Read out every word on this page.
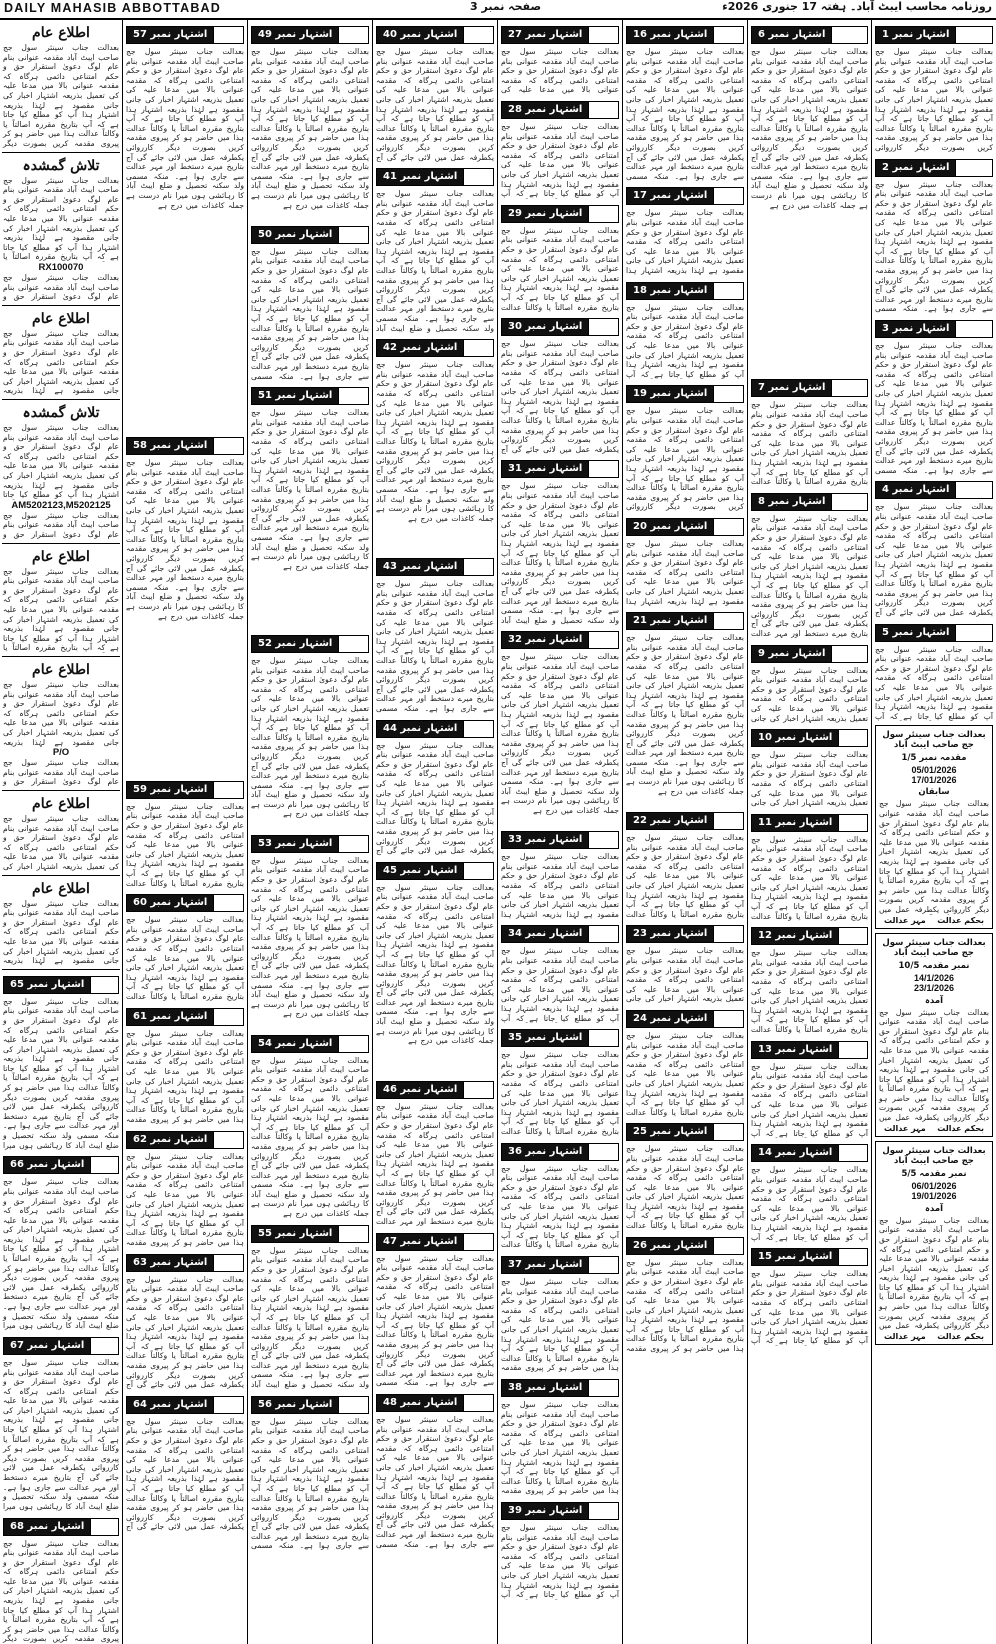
DAILY MAHASIB ABBOTTABAD	صفحہ نمبر 3	روزنامہ محاسب ایبٹ آباد۔ ہفتہ 17 جنوری 2026ء
اشتہار نمبر 1
بعدالت جناب سینئر سول جج صاحب ایبٹ آباد مقدمہ عنوانی بنام عام لوگ دعویٰ استقرار حق و حکم امتناعی دائمی ہرگاہ کہ مقدمہ عنوانی بالا میں مدعا علیہ کی تعمیل بذریعہ اشتہار اخبار کی جانی مقصود ہے لہٰذا بذریعہ اشتہار ہذا آپ کو مطلع کیا جاتا ہے کہ آپ بتاریخ مقررہ اصالتاً یا وکالتاً عدالت ہذا میں حاضر ہو کر پیروی مقدمہ کریں بصورت دیگر کارروائی
اشتہار نمبر 2
بعدالت جناب سینئر سول جج صاحب ایبٹ آباد مقدمہ عنوانی بنام عام لوگ دعویٰ استقرار حق و حکم امتناعی دائمی ہرگاہ کہ مقدمہ عنوانی بالا میں مدعا علیہ کی تعمیل بذریعہ اشتہار اخبار کی جانی مقصود ہے لہٰذا بذریعہ اشتہار ہذا آپ کو مطلع کیا جاتا ہے کہ آپ بتاریخ مقررہ اصالتاً یا وکالتاً عدالت ہذا میں حاضر ہو کر پیروی مقدمہ کریں بصورت دیگر کارروائی یکطرفہ عمل میں لائی جائے گی آج بتاریخ میرے دستخط اور مہر عدالت سے جاری ہوا ہے۔ منکہ مسمی
اشتہار نمبر 3
بعدالت جناب سینئر سول جج صاحب ایبٹ آباد مقدمہ عنوانی بنام عام لوگ دعویٰ استقرار حق و حکم امتناعی دائمی ہرگاہ کہ مقدمہ عنوانی بالا میں مدعا علیہ کی تعمیل بذریعہ اشتہار اخبار کی جانی مقصود ہے لہٰذا بذریعہ اشتہار ہذا آپ کو مطلع کیا جاتا ہے کہ آپ بتاریخ مقررہ اصالتاً یا وکالتاً عدالت ہذا میں حاضر ہو کر پیروی مقدمہ کریں بصورت دیگر کارروائی یکطرفہ عمل میں لائی جائے گی آج بتاریخ میرے دستخط اور مہر عدالت سے جاری ہوا ہے۔ منکہ مسمی
اشتہار نمبر 4
بعدالت جناب سینئر سول جج صاحب ایبٹ آباد مقدمہ عنوانی بنام عام لوگ دعویٰ استقرار حق و حکم امتناعی دائمی ہرگاہ کہ مقدمہ عنوانی بالا میں مدعا علیہ کی تعمیل بذریعہ اشتہار اخبار کی جانی مقصود ہے لہٰذا بذریعہ اشتہار ہذا آپ کو مطلع کیا جاتا ہے کہ آپ بتاریخ مقررہ اصالتاً یا وکالتاً عدالت ہذا میں حاضر ہو کر پیروی مقدمہ کریں بصورت دیگر کارروائی یکطرفہ عمل میں لائی جائے گی آج
اشتہار نمبر 5
بعدالت جناب سینئر سول جج صاحب ایبٹ آباد مقدمہ عنوانی بنام عام لوگ دعویٰ استقرار حق و حکم امتناعی دائمی ہرگاہ کہ مقدمہ عنوانی بالا میں مدعا علیہ کی تعمیل بذریعہ اشتہار اخبار کی جانی مقصود ہے لہٰذا بذریعہ اشتہار ہذا آپ کو مطلع کیا جاتا ہے کہ آپ
بعدالت جناب سینئر سول جج صاحب ایبٹ آباد
مقدمہ نمبر 1/5
05/01/2026
17/01/2026
سابقان
بعدالت جناب سینئر سول جج صاحب ایبٹ آباد مقدمہ عنوانی بنام عام لوگ دعویٰ استقرار حق و حکم امتناعی دائمی ہرگاہ کہ مقدمہ عنوانی بالا میں مدعا علیہ کی تعمیل بذریعہ اشتہار اخبار کی جانی مقصود ہے لہٰذا بذریعہ اشتہار ہذا آپ کو مطلع کیا جاتا ہے کہ آپ بتاریخ مقررہ اصالتاً یا وکالتاً عدالت ہذا میں حاضر ہو کر پیروی مقدمہ کریں بصورت دیگر کارروائی یکطرفہ عمل میں
بحکم عدالت
مہر عدالت
بعدالت جناب سینئر سول جج صاحب ایبٹ آباد
نمبر مقدمہ 10/5
14/1/2026
23/1/2026
آمدہ
بعدالت جناب سینئر سول جج صاحب ایبٹ آباد مقدمہ عنوانی بنام عام لوگ دعویٰ استقرار حق و حکم امتناعی دائمی ہرگاہ کہ مقدمہ عنوانی بالا میں مدعا علیہ کی تعمیل بذریعہ اشتہار اخبار کی جانی مقصود ہے لہٰذا بذریعہ اشتہار ہذا آپ کو مطلع کیا جاتا ہے کہ آپ بتاریخ مقررہ اصالتاً یا وکالتاً عدالت ہذا میں حاضر ہو کر پیروی مقدمہ کریں بصورت دیگر کارروائی یکطرفہ عمل میں
بحکم عدالت
مہر عدالت
بعدالت جناب سینئر سول جج صاحب ایبٹ آباد
نمبر مقدمہ 5/5
06/01/2026
19/01/2026
آمدہ
بعدالت جناب سینئر سول جج صاحب ایبٹ آباد مقدمہ عنوانی بنام عام لوگ دعویٰ استقرار حق و حکم امتناعی دائمی ہرگاہ کہ مقدمہ عنوانی بالا میں مدعا علیہ کی تعمیل بذریعہ اشتہار اخبار کی جانی مقصود ہے لہٰذا بذریعہ اشتہار ہذا آپ کو مطلع کیا جاتا ہے کہ آپ بتاریخ مقررہ اصالتاً یا وکالتاً عدالت ہذا میں حاضر ہو کر پیروی مقدمہ کریں بصورت دیگر کارروائی یکطرفہ عمل میں
بحکم عدالت
مہر عدالت
اشتہار نمبر 6
بعدالت جناب سینئر سول جج صاحب ایبٹ آباد مقدمہ عنوانی بنام عام لوگ دعویٰ استقرار حق و حکم امتناعی دائمی ہرگاہ کہ مقدمہ عنوانی بالا میں مدعا علیہ کی تعمیل بذریعہ اشتہار اخبار کی جانی مقصود ہے لہٰذا بذریعہ اشتہار ہذا آپ کو مطلع کیا جاتا ہے کہ آپ بتاریخ مقررہ اصالتاً یا وکالتاً عدالت ہذا میں حاضر ہو کر پیروی مقدمہ کریں بصورت دیگر کارروائی یکطرفہ عمل میں لائی جائے گی آج بتاریخ میرے دستخط اور مہر عدالت سے جاری ہوا ہے۔ منکہ مسمی ولد سکنہ تحصیل و ضلع ایبٹ آباد کا رہائشی ہوں میرا نام درست ہے جملہ کاغذات میں درج ہے
اشتہار نمبر 7
بعدالت جناب سینئر سول جج صاحب ایبٹ آباد مقدمہ عنوانی بنام عام لوگ دعویٰ استقرار حق و حکم امتناعی دائمی ہرگاہ کہ مقدمہ عنوانی بالا میں مدعا علیہ کی تعمیل بذریعہ اشتہار اخبار کی جانی مقصود ہے لہٰذا بذریعہ اشتہار ہذا آپ کو مطلع کیا جاتا ہے کہ آپ بتاریخ مقررہ اصالتاً یا وکالتاً عدالت
اشتہار نمبر 8
بعدالت جناب سینئر سول جج صاحب ایبٹ آباد مقدمہ عنوانی بنام عام لوگ دعویٰ استقرار حق و حکم امتناعی دائمی ہرگاہ کہ مقدمہ عنوانی بالا میں مدعا علیہ کی تعمیل بذریعہ اشتہار اخبار کی جانی مقصود ہے لہٰذا بذریعہ اشتہار ہذا آپ کو مطلع کیا جاتا ہے کہ آپ بتاریخ مقررہ اصالتاً یا وکالتاً عدالت ہذا میں حاضر ہو کر پیروی مقدمہ کریں بصورت دیگر کارروائی یکطرفہ عمل میں لائی جائے گی آج بتاریخ میرے دستخط اور مہر عدالت
اشتہار نمبر 9
بعدالت جناب سینئر سول جج صاحب ایبٹ آباد مقدمہ عنوانی بنام عام لوگ دعویٰ استقرار حق و حکم امتناعی دائمی ہرگاہ کہ مقدمہ عنوانی بالا میں مدعا علیہ کی تعمیل بذریعہ اشتہار اخبار کی جانی
اشتہار نمبر 10
بعدالت جناب سینئر سول جج صاحب ایبٹ آباد مقدمہ عنوانی بنام عام لوگ دعویٰ استقرار حق و حکم امتناعی دائمی ہرگاہ کہ مقدمہ عنوانی بالا میں مدعا علیہ کی تعمیل بذریعہ اشتہار اخبار کی جانی
اشتہار نمبر 11
بعدالت جناب سینئر سول جج صاحب ایبٹ آباد مقدمہ عنوانی بنام عام لوگ دعویٰ استقرار حق و حکم امتناعی دائمی ہرگاہ کہ مقدمہ عنوانی بالا میں مدعا علیہ کی تعمیل بذریعہ اشتہار اخبار کی جانی مقصود ہے لہٰذا بذریعہ اشتہار ہذا آپ کو مطلع کیا جاتا ہے کہ آپ بتاریخ مقررہ اصالتاً یا وکالتاً عدالت
اشتہار نمبر 12
بعدالت جناب سینئر سول جج صاحب ایبٹ آباد مقدمہ عنوانی بنام عام لوگ دعویٰ استقرار حق و حکم امتناعی دائمی ہرگاہ کہ مقدمہ عنوانی بالا میں مدعا علیہ کی تعمیل بذریعہ اشتہار اخبار کی جانی مقصود ہے لہٰذا بذریعہ اشتہار ہذا آپ کو مطلع کیا جاتا ہے کہ آپ بتاریخ مقررہ اصالتاً یا وکالتاً عدالت
اشتہار نمبر 13
بعدالت جناب سینئر سول جج صاحب ایبٹ آباد مقدمہ عنوانی بنام عام لوگ دعویٰ استقرار حق و حکم امتناعی دائمی ہرگاہ کہ مقدمہ عنوانی بالا میں مدعا علیہ کی تعمیل بذریعہ اشتہار اخبار کی جانی مقصود ہے لہٰذا بذریعہ اشتہار ہذا آپ کو مطلع کیا جاتا ہے کہ آپ
اشتہار نمبر 14
بعدالت جناب سینئر سول جج صاحب ایبٹ آباد مقدمہ عنوانی بنام عام لوگ دعویٰ استقرار حق و حکم امتناعی دائمی ہرگاہ کہ مقدمہ عنوانی بالا میں مدعا علیہ کی تعمیل بذریعہ اشتہار اخبار کی جانی مقصود ہے لہٰذا بذریعہ اشتہار ہذا آپ کو مطلع کیا جاتا ہے کہ آپ
اشتہار نمبر 15
بعدالت جناب سینئر سول جج صاحب ایبٹ آباد مقدمہ عنوانی بنام عام لوگ دعویٰ استقرار حق و حکم امتناعی دائمی ہرگاہ کہ مقدمہ عنوانی بالا میں مدعا علیہ کی تعمیل بذریعہ اشتہار اخبار کی جانی مقصود ہے لہٰذا بذریعہ اشتہار ہذا آپ کو مطلع کیا جاتا ہے کہ آپ
اشتہار نمبر 16
بعدالت جناب سینئر سول جج صاحب ایبٹ آباد مقدمہ عنوانی بنام عام لوگ دعویٰ استقرار حق و حکم امتناعی دائمی ہرگاہ کہ مقدمہ عنوانی بالا میں مدعا علیہ کی تعمیل بذریعہ اشتہار اخبار کی جانی مقصود ہے لہٰذا بذریعہ اشتہار ہذا آپ کو مطلع کیا جاتا ہے کہ آپ بتاریخ مقررہ اصالتاً یا وکالتاً عدالت ہذا میں حاضر ہو کر پیروی مقدمہ کریں بصورت دیگر کارروائی یکطرفہ عمل میں لائی جائے گی آج بتاریخ میرے دستخط اور مہر عدالت سے جاری ہوا ہے۔ منکہ مسمی
اشتہار نمبر 17
بعدالت جناب سینئر سول جج صاحب ایبٹ آباد مقدمہ عنوانی بنام عام لوگ دعویٰ استقرار حق و حکم امتناعی دائمی ہرگاہ کہ مقدمہ عنوانی بالا میں مدعا علیہ کی تعمیل بذریعہ اشتہار اخبار کی جانی مقصود ہے لہٰذا بذریعہ اشتہار ہذا
اشتہار نمبر 18
بعدالت جناب سینئر سول جج صاحب ایبٹ آباد مقدمہ عنوانی بنام عام لوگ دعویٰ استقرار حق و حکم امتناعی دائمی ہرگاہ کہ مقدمہ عنوانی بالا میں مدعا علیہ کی تعمیل بذریعہ اشتہار اخبار کی جانی مقصود ہے لہٰذا بذریعہ اشتہار ہذا آپ کو مطلع کیا جاتا ہے کہ آپ
اشتہار نمبر 19
بعدالت جناب سینئر سول جج صاحب ایبٹ آباد مقدمہ عنوانی بنام عام لوگ دعویٰ استقرار حق و حکم امتناعی دائمی ہرگاہ کہ مقدمہ عنوانی بالا میں مدعا علیہ کی تعمیل بذریعہ اشتہار اخبار کی جانی مقصود ہے لہٰذا بذریعہ اشتہار ہذا آپ کو مطلع کیا جاتا ہے کہ آپ بتاریخ مقررہ اصالتاً یا وکالتاً عدالت ہذا میں حاضر ہو کر پیروی مقدمہ کریں بصورت دیگر کارروائی
اشتہار نمبر 20
بعدالت جناب سینئر سول جج صاحب ایبٹ آباد مقدمہ عنوانی بنام عام لوگ دعویٰ استقرار حق و حکم امتناعی دائمی ہرگاہ کہ مقدمہ عنوانی بالا میں مدعا علیہ کی تعمیل بذریعہ اشتہار اخبار کی جانی مقصود ہے لہٰذا بذریعہ اشتہار ہذا
اشتہار نمبر 21
بعدالت جناب سینئر سول جج صاحب ایبٹ آباد مقدمہ عنوانی بنام عام لوگ دعویٰ استقرار حق و حکم امتناعی دائمی ہرگاہ کہ مقدمہ عنوانی بالا میں مدعا علیہ کی تعمیل بذریعہ اشتہار اخبار کی جانی مقصود ہے لہٰذا بذریعہ اشتہار ہذا آپ کو مطلع کیا جاتا ہے کہ آپ بتاریخ مقررہ اصالتاً یا وکالتاً عدالت ہذا میں حاضر ہو کر پیروی مقدمہ کریں بصورت دیگر کارروائی یکطرفہ عمل میں لائی جائے گی آج بتاریخ میرے دستخط اور مہر عدالت سے جاری ہوا ہے۔ منکہ مسمی ولد سکنہ تحصیل و ضلع ایبٹ آباد کا رہائشی ہوں میرا نام درست ہے جملہ کاغذات میں درج ہے
اشتہار نمبر 22
بعدالت جناب سینئر سول جج صاحب ایبٹ آباد مقدمہ عنوانی بنام عام لوگ دعویٰ استقرار حق و حکم امتناعی دائمی ہرگاہ کہ مقدمہ عنوانی بالا میں مدعا علیہ کی تعمیل بذریعہ اشتہار اخبار کی جانی مقصود ہے لہٰذا بذریعہ اشتہار ہذا آپ کو مطلع کیا جاتا ہے کہ آپ بتاریخ مقررہ اصالتاً یا وکالتاً عدالت
اشتہار نمبر 23
بعدالت جناب سینئر سول جج صاحب ایبٹ آباد مقدمہ عنوانی بنام عام لوگ دعویٰ استقرار حق و حکم امتناعی دائمی ہرگاہ کہ مقدمہ عنوانی بالا میں مدعا علیہ کی تعمیل بذریعہ اشتہار اخبار کی جانی
اشتہار نمبر 24
بعدالت جناب سینئر سول جج صاحب ایبٹ آباد مقدمہ عنوانی بنام عام لوگ دعویٰ استقرار حق و حکم امتناعی دائمی ہرگاہ کہ مقدمہ عنوانی بالا میں مدعا علیہ کی تعمیل بذریعہ اشتہار اخبار کی جانی مقصود ہے لہٰذا بذریعہ اشتہار ہذا آپ کو مطلع کیا جاتا ہے کہ آپ بتاریخ مقررہ اصالتاً یا وکالتاً عدالت
اشتہار نمبر 25
بعدالت جناب سینئر سول جج صاحب ایبٹ آباد مقدمہ عنوانی بنام عام لوگ دعویٰ استقرار حق و حکم امتناعی دائمی ہرگاہ کہ مقدمہ عنوانی بالا میں مدعا علیہ کی تعمیل بذریعہ اشتہار اخبار کی جانی مقصود ہے لہٰذا بذریعہ اشتہار ہذا آپ کو مطلع کیا جاتا ہے کہ آپ بتاریخ مقررہ اصالتاً یا وکالتاً عدالت
اشتہار نمبر 26
بعدالت جناب سینئر سول جج صاحب ایبٹ آباد مقدمہ عنوانی بنام عام لوگ دعویٰ استقرار حق و حکم امتناعی دائمی ہرگاہ کہ مقدمہ عنوانی بالا میں مدعا علیہ کی تعمیل بذریعہ اشتہار اخبار کی جانی مقصود ہے لہٰذا بذریعہ اشتہار ہذا آپ کو مطلع کیا جاتا ہے کہ آپ بتاریخ مقررہ اصالتاً یا وکالتاً عدالت ہذا میں حاضر ہو کر پیروی مقدمہ
اشتہار نمبر 27
بعدالت جناب سینئر سول جج صاحب ایبٹ آباد مقدمہ عنوانی بنام عام لوگ دعویٰ استقرار حق و حکم امتناعی دائمی ہرگاہ کہ مقدمہ عنوانی بالا میں مدعا علیہ کی
اشتہار نمبر 28
بعدالت جناب سینئر سول جج صاحب ایبٹ آباد مقدمہ عنوانی بنام عام لوگ دعویٰ استقرار حق و حکم امتناعی دائمی ہرگاہ کہ مقدمہ عنوانی بالا میں مدعا علیہ کی تعمیل بذریعہ اشتہار اخبار کی جانی مقصود ہے لہٰذا بذریعہ اشتہار ہذا آپ کو مطلع کیا جاتا ہے کہ آپ
اشتہار نمبر 29
بعدالت جناب سینئر سول جج صاحب ایبٹ آباد مقدمہ عنوانی بنام عام لوگ دعویٰ استقرار حق و حکم امتناعی دائمی ہرگاہ کہ مقدمہ عنوانی بالا میں مدعا علیہ کی تعمیل بذریعہ اشتہار اخبار کی جانی مقصود ہے لہٰذا بذریعہ اشتہار ہذا آپ کو مطلع کیا جاتا ہے کہ آپ بتاریخ مقررہ اصالتاً یا وکالتاً عدالت
اشتہار نمبر 30
بعدالت جناب سینئر سول جج صاحب ایبٹ آباد مقدمہ عنوانی بنام عام لوگ دعویٰ استقرار حق و حکم امتناعی دائمی ہرگاہ کہ مقدمہ عنوانی بالا میں مدعا علیہ کی تعمیل بذریعہ اشتہار اخبار کی جانی مقصود ہے لہٰذا بذریعہ اشتہار ہذا آپ کو مطلع کیا جاتا ہے کہ آپ بتاریخ مقررہ اصالتاً یا وکالتاً عدالت ہذا میں حاضر ہو کر پیروی مقدمہ کریں بصورت دیگر کارروائی یکطرفہ عمل میں لائی جائے گی آج
اشتہار نمبر 31
بعدالت جناب سینئر سول جج صاحب ایبٹ آباد مقدمہ عنوانی بنام عام لوگ دعویٰ استقرار حق و حکم امتناعی دائمی ہرگاہ کہ مقدمہ عنوانی بالا میں مدعا علیہ کی تعمیل بذریعہ اشتہار اخبار کی جانی مقصود ہے لہٰذا بذریعہ اشتہار ہذا آپ کو مطلع کیا جاتا ہے کہ آپ بتاریخ مقررہ اصالتاً یا وکالتاً عدالت ہذا میں حاضر ہو کر پیروی مقدمہ کریں بصورت دیگر کارروائی یکطرفہ عمل میں لائی جائے گی آج بتاریخ میرے دستخط اور مہر عدالت سے جاری ہوا ہے۔ منکہ مسمی ولد سکنہ تحصیل و ضلع ایبٹ آباد
اشتہار نمبر 32
بعدالت جناب سینئر سول جج صاحب ایبٹ آباد مقدمہ عنوانی بنام عام لوگ دعویٰ استقرار حق و حکم امتناعی دائمی ہرگاہ کہ مقدمہ عنوانی بالا میں مدعا علیہ کی تعمیل بذریعہ اشتہار اخبار کی جانی مقصود ہے لہٰذا بذریعہ اشتہار ہذا آپ کو مطلع کیا جاتا ہے کہ آپ بتاریخ مقررہ اصالتاً یا وکالتاً عدالت ہذا میں حاضر ہو کر پیروی مقدمہ کریں بصورت دیگر کارروائی یکطرفہ عمل میں لائی جائے گی آج بتاریخ میرے دستخط اور مہر عدالت سے جاری ہوا ہے۔ منکہ مسمی ولد سکنہ تحصیل و ضلع ایبٹ آباد کا رہائشی ہوں میرا نام درست ہے جملہ کاغذات میں درج ہے
اشتہار نمبر 33
بعدالت جناب سینئر سول جج صاحب ایبٹ آباد مقدمہ عنوانی بنام عام لوگ دعویٰ استقرار حق و حکم امتناعی دائمی ہرگاہ کہ مقدمہ عنوانی بالا میں مدعا علیہ کی تعمیل بذریعہ اشتہار اخبار کی جانی مقصود ہے لہٰذا بذریعہ اشتہار ہذا
اشتہار نمبر 34
بعدالت جناب سینئر سول جج صاحب ایبٹ آباد مقدمہ عنوانی بنام عام لوگ دعویٰ استقرار حق و حکم امتناعی دائمی ہرگاہ کہ مقدمہ عنوانی بالا میں مدعا علیہ کی تعمیل بذریعہ اشتہار اخبار کی جانی مقصود ہے لہٰذا بذریعہ اشتہار ہذا آپ کو مطلع کیا جاتا ہے کہ آپ
اشتہار نمبر 35
بعدالت جناب سینئر سول جج صاحب ایبٹ آباد مقدمہ عنوانی بنام عام لوگ دعویٰ استقرار حق و حکم امتناعی دائمی ہرگاہ کہ مقدمہ عنوانی بالا میں مدعا علیہ کی تعمیل بذریعہ اشتہار اخبار کی جانی مقصود ہے لہٰذا بذریعہ اشتہار ہذا آپ کو مطلع کیا جاتا ہے کہ آپ بتاریخ مقررہ اصالتاً یا وکالتاً عدالت
اشتہار نمبر 36
بعدالت جناب سینئر سول جج صاحب ایبٹ آباد مقدمہ عنوانی بنام عام لوگ دعویٰ استقرار حق و حکم امتناعی دائمی ہرگاہ کہ مقدمہ عنوانی بالا میں مدعا علیہ کی تعمیل بذریعہ اشتہار اخبار کی جانی مقصود ہے لہٰذا بذریعہ اشتہار ہذا آپ کو مطلع کیا جاتا ہے کہ آپ بتاریخ مقررہ اصالتاً یا وکالتاً عدالت
اشتہار نمبر 37
بعدالت جناب سینئر سول جج صاحب ایبٹ آباد مقدمہ عنوانی بنام عام لوگ دعویٰ استقرار حق و حکم امتناعی دائمی ہرگاہ کہ مقدمہ عنوانی بالا میں مدعا علیہ کی تعمیل بذریعہ اشتہار اخبار کی جانی مقصود ہے لہٰذا بذریعہ اشتہار ہذا آپ کو مطلع کیا جاتا ہے کہ آپ بتاریخ مقررہ اصالتاً یا وکالتاً عدالت ہذا میں حاضر ہو کر پیروی مقدمہ
اشتہار نمبر 38
بعدالت جناب سینئر سول جج صاحب ایبٹ آباد مقدمہ عنوانی بنام عام لوگ دعویٰ استقرار حق و حکم امتناعی دائمی ہرگاہ کہ مقدمہ عنوانی بالا میں مدعا علیہ کی تعمیل بذریعہ اشتہار اخبار کی جانی مقصود ہے لہٰذا بذریعہ اشتہار ہذا آپ کو مطلع کیا جاتا ہے کہ آپ بتاریخ مقررہ اصالتاً یا وکالتاً عدالت ہذا میں حاضر ہو کر پیروی مقدمہ
اشتہار نمبر 39
بعدالت جناب سینئر سول جج صاحب ایبٹ آباد مقدمہ عنوانی بنام عام لوگ دعویٰ استقرار حق و حکم امتناعی دائمی ہرگاہ کہ مقدمہ عنوانی بالا میں مدعا علیہ کی تعمیل بذریعہ اشتہار اخبار کی جانی مقصود ہے لہٰذا بذریعہ اشتہار ہذا آپ کو مطلع کیا جاتا ہے کہ آپ
اشتہار نمبر 40
بعدالت جناب سینئر سول جج صاحب ایبٹ آباد مقدمہ عنوانی بنام عام لوگ دعویٰ استقرار حق و حکم امتناعی دائمی ہرگاہ کہ مقدمہ عنوانی بالا میں مدعا علیہ کی تعمیل بذریعہ اشتہار اخبار کی جانی مقصود ہے لہٰذا بذریعہ اشتہار ہذا آپ کو مطلع کیا جاتا ہے کہ آپ بتاریخ مقررہ اصالتاً یا وکالتاً عدالت ہذا میں حاضر ہو کر پیروی مقدمہ کریں بصورت دیگر کارروائی یکطرفہ عمل میں لائی جائے گی آج
اشتہار نمبر 41
بعدالت جناب سینئر سول جج صاحب ایبٹ آباد مقدمہ عنوانی بنام عام لوگ دعویٰ استقرار حق و حکم امتناعی دائمی ہرگاہ کہ مقدمہ عنوانی بالا میں مدعا علیہ کی تعمیل بذریعہ اشتہار اخبار کی جانی مقصود ہے لہٰذا بذریعہ اشتہار ہذا آپ کو مطلع کیا جاتا ہے کہ آپ بتاریخ مقررہ اصالتاً یا وکالتاً عدالت ہذا میں حاضر ہو کر پیروی مقدمہ کریں بصورت دیگر کارروائی یکطرفہ عمل میں لائی جائے گی آج بتاریخ میرے دستخط اور مہر عدالت سے جاری ہوا ہے۔ منکہ مسمی ولد سکنہ تحصیل و ضلع ایبٹ آباد
اشتہار نمبر 42
بعدالت جناب سینئر سول جج صاحب ایبٹ آباد مقدمہ عنوانی بنام عام لوگ دعویٰ استقرار حق و حکم امتناعی دائمی ہرگاہ کہ مقدمہ عنوانی بالا میں مدعا علیہ کی تعمیل بذریعہ اشتہار اخبار کی جانی مقصود ہے لہٰذا بذریعہ اشتہار ہذا آپ کو مطلع کیا جاتا ہے کہ آپ بتاریخ مقررہ اصالتاً یا وکالتاً عدالت ہذا میں حاضر ہو کر پیروی مقدمہ کریں بصورت دیگر کارروائی یکطرفہ عمل میں لائی جائے گی آج بتاریخ میرے دستخط اور مہر عدالت سے جاری ہوا ہے۔ منکہ مسمی ولد سکنہ تحصیل و ضلع ایبٹ آباد کا رہائشی ہوں میرا نام درست ہے جملہ کاغذات میں درج ہے
اشتہار نمبر 43
بعدالت جناب سینئر سول جج صاحب ایبٹ آباد مقدمہ عنوانی بنام عام لوگ دعویٰ استقرار حق و حکم امتناعی دائمی ہرگاہ کہ مقدمہ عنوانی بالا میں مدعا علیہ کی تعمیل بذریعہ اشتہار اخبار کی جانی مقصود ہے لہٰذا بذریعہ اشتہار ہذا آپ کو مطلع کیا جاتا ہے کہ آپ بتاریخ مقررہ اصالتاً یا وکالتاً عدالت ہذا میں حاضر ہو کر پیروی مقدمہ کریں بصورت دیگر کارروائی یکطرفہ عمل میں لائی جائے گی آج بتاریخ میرے دستخط اور مہر عدالت سے جاری ہوا ہے۔ منکہ مسمی
اشتہار نمبر 44
بعدالت جناب سینئر سول جج صاحب ایبٹ آباد مقدمہ عنوانی بنام عام لوگ دعویٰ استقرار حق و حکم امتناعی دائمی ہرگاہ کہ مقدمہ عنوانی بالا میں مدعا علیہ کی تعمیل بذریعہ اشتہار اخبار کی جانی مقصود ہے لہٰذا بذریعہ اشتہار ہذا آپ کو مطلع کیا جاتا ہے کہ آپ بتاریخ مقررہ اصالتاً یا وکالتاً عدالت ہذا میں حاضر ہو کر پیروی مقدمہ کریں بصورت دیگر کارروائی یکطرفہ عمل میں لائی جائے گی آج
اشتہار نمبر 45
بعدالت جناب سینئر سول جج صاحب ایبٹ آباد مقدمہ عنوانی بنام عام لوگ دعویٰ استقرار حق و حکم امتناعی دائمی ہرگاہ کہ مقدمہ عنوانی بالا میں مدعا علیہ کی تعمیل بذریعہ اشتہار اخبار کی جانی مقصود ہے لہٰذا بذریعہ اشتہار ہذا آپ کو مطلع کیا جاتا ہے کہ آپ بتاریخ مقررہ اصالتاً یا وکالتاً عدالت ہذا میں حاضر ہو کر پیروی مقدمہ کریں بصورت دیگر کارروائی یکطرفہ عمل میں لائی جائے گی آج بتاریخ میرے دستخط اور مہر عدالت سے جاری ہوا ہے۔ منکہ مسمی ولد سکنہ تحصیل و ضلع ایبٹ آباد کا رہائشی ہوں میرا نام درست ہے جملہ کاغذات میں درج ہے
اشتہار نمبر 46
بعدالت جناب سینئر سول جج صاحب ایبٹ آباد مقدمہ عنوانی بنام عام لوگ دعویٰ استقرار حق و حکم امتناعی دائمی ہرگاہ کہ مقدمہ عنوانی بالا میں مدعا علیہ کی تعمیل بذریعہ اشتہار اخبار کی جانی مقصود ہے لہٰذا بذریعہ اشتہار ہذا آپ کو مطلع کیا جاتا ہے کہ آپ بتاریخ مقررہ اصالتاً یا وکالتاً عدالت ہذا میں حاضر ہو کر پیروی مقدمہ کریں بصورت دیگر کارروائی یکطرفہ عمل میں لائی جائے گی آج بتاریخ میرے دستخط اور مہر عدالت
اشتہار نمبر 47
بعدالت جناب سینئر سول جج صاحب ایبٹ آباد مقدمہ عنوانی بنام عام لوگ دعویٰ استقرار حق و حکم امتناعی دائمی ہرگاہ کہ مقدمہ عنوانی بالا میں مدعا علیہ کی تعمیل بذریعہ اشتہار اخبار کی جانی مقصود ہے لہٰذا بذریعہ اشتہار ہذا آپ کو مطلع کیا جاتا ہے کہ آپ بتاریخ مقررہ اصالتاً یا وکالتاً عدالت ہذا میں حاضر ہو کر پیروی مقدمہ کریں بصورت دیگر کارروائی یکطرفہ عمل میں لائی جائے گی آج بتاریخ میرے دستخط اور مہر عدالت سے جاری ہوا ہے۔ منکہ مسمی
اشتہار نمبر 48
بعدالت جناب سینئر سول جج صاحب ایبٹ آباد مقدمہ عنوانی بنام عام لوگ دعویٰ استقرار حق و حکم امتناعی دائمی ہرگاہ کہ مقدمہ عنوانی بالا میں مدعا علیہ کی تعمیل بذریعہ اشتہار اخبار کی جانی مقصود ہے لہٰذا بذریعہ اشتہار ہذا آپ کو مطلع کیا جاتا ہے کہ آپ بتاریخ مقررہ اصالتاً یا وکالتاً عدالت ہذا میں حاضر ہو کر پیروی مقدمہ کریں بصورت دیگر کارروائی یکطرفہ عمل میں لائی جائے گی آج بتاریخ میرے دستخط اور مہر عدالت سے جاری ہوا ہے۔ منکہ مسمی
اشتہار نمبر 49
بعدالت جناب سینئر سول جج صاحب ایبٹ آباد مقدمہ عنوانی بنام عام لوگ دعویٰ استقرار حق و حکم امتناعی دائمی ہرگاہ کہ مقدمہ عنوانی بالا میں مدعا علیہ کی تعمیل بذریعہ اشتہار اخبار کی جانی مقصود ہے لہٰذا بذریعہ اشتہار ہذا آپ کو مطلع کیا جاتا ہے کہ آپ بتاریخ مقررہ اصالتاً یا وکالتاً عدالت ہذا میں حاضر ہو کر پیروی مقدمہ کریں بصورت دیگر کارروائی یکطرفہ عمل میں لائی جائے گی آج بتاریخ میرے دستخط اور مہر عدالت سے جاری ہوا ہے۔ منکہ مسمی ولد سکنہ تحصیل و ضلع ایبٹ آباد کا رہائشی ہوں میرا نام درست ہے جملہ کاغذات میں درج ہے
اشتہار نمبر 50
بعدالت جناب سینئر سول جج صاحب ایبٹ آباد مقدمہ عنوانی بنام عام لوگ دعویٰ استقرار حق و حکم امتناعی دائمی ہرگاہ کہ مقدمہ عنوانی بالا میں مدعا علیہ کی تعمیل بذریعہ اشتہار اخبار کی جانی مقصود ہے لہٰذا بذریعہ اشتہار ہذا آپ کو مطلع کیا جاتا ہے کہ آپ بتاریخ مقررہ اصالتاً یا وکالتاً عدالت ہذا میں حاضر ہو کر پیروی مقدمہ کریں بصورت دیگر کارروائی یکطرفہ عمل میں لائی جائے گی آج بتاریخ میرے دستخط اور مہر عدالت سے جاری ہوا ہے۔ منکہ مسمی
اشتہار نمبر 51
بعدالت جناب سینئر سول جج صاحب ایبٹ آباد مقدمہ عنوانی بنام عام لوگ دعویٰ استقرار حق و حکم امتناعی دائمی ہرگاہ کہ مقدمہ عنوانی بالا میں مدعا علیہ کی تعمیل بذریعہ اشتہار اخبار کی جانی مقصود ہے لہٰذا بذریعہ اشتہار ہذا آپ کو مطلع کیا جاتا ہے کہ آپ بتاریخ مقررہ اصالتاً یا وکالتاً عدالت ہذا میں حاضر ہو کر پیروی مقدمہ کریں بصورت دیگر کارروائی یکطرفہ عمل میں لائی جائے گی آج بتاریخ میرے دستخط اور مہر عدالت سے جاری ہوا ہے۔ منکہ مسمی ولد سکنہ تحصیل و ضلع ایبٹ آباد کا رہائشی ہوں میرا نام درست ہے جملہ کاغذات میں درج ہے
اشتہار نمبر 52
بعدالت جناب سینئر سول جج صاحب ایبٹ آباد مقدمہ عنوانی بنام عام لوگ دعویٰ استقرار حق و حکم امتناعی دائمی ہرگاہ کہ مقدمہ عنوانی بالا میں مدعا علیہ کی تعمیل بذریعہ اشتہار اخبار کی جانی مقصود ہے لہٰذا بذریعہ اشتہار ہذا آپ کو مطلع کیا جاتا ہے کہ آپ بتاریخ مقررہ اصالتاً یا وکالتاً عدالت ہذا میں حاضر ہو کر پیروی مقدمہ کریں بصورت دیگر کارروائی یکطرفہ عمل میں لائی جائے گی آج بتاریخ میرے دستخط اور مہر عدالت سے جاری ہوا ہے۔ منکہ مسمی ولد سکنہ تحصیل و ضلع ایبٹ آباد کا رہائشی ہوں میرا نام درست ہے جملہ کاغذات میں درج ہے
اشتہار نمبر 53
بعدالت جناب سینئر سول جج صاحب ایبٹ آباد مقدمہ عنوانی بنام عام لوگ دعویٰ استقرار حق و حکم امتناعی دائمی ہرگاہ کہ مقدمہ عنوانی بالا میں مدعا علیہ کی تعمیل بذریعہ اشتہار اخبار کی جانی مقصود ہے لہٰذا بذریعہ اشتہار ہذا آپ کو مطلع کیا جاتا ہے کہ آپ بتاریخ مقررہ اصالتاً یا وکالتاً عدالت ہذا میں حاضر ہو کر پیروی مقدمہ کریں بصورت دیگر کارروائی یکطرفہ عمل میں لائی جائے گی آج بتاریخ میرے دستخط اور مہر عدالت سے جاری ہوا ہے۔ منکہ مسمی ولد سکنہ تحصیل و ضلع ایبٹ آباد کا رہائشی ہوں میرا نام درست ہے جملہ کاغذات میں درج ہے
اشتہار نمبر 54
بعدالت جناب سینئر سول جج صاحب ایبٹ آباد مقدمہ عنوانی بنام عام لوگ دعویٰ استقرار حق و حکم امتناعی دائمی ہرگاہ کہ مقدمہ عنوانی بالا میں مدعا علیہ کی تعمیل بذریعہ اشتہار اخبار کی جانی مقصود ہے لہٰذا بذریعہ اشتہار ہذا آپ کو مطلع کیا جاتا ہے کہ آپ بتاریخ مقررہ اصالتاً یا وکالتاً عدالت ہذا میں حاضر ہو کر پیروی مقدمہ کریں بصورت دیگر کارروائی یکطرفہ عمل میں لائی جائے گی آج بتاریخ میرے دستخط اور مہر عدالت سے جاری ہوا ہے۔ منکہ مسمی ولد سکنہ تحصیل و ضلع ایبٹ آباد کا رہائشی ہوں میرا نام درست ہے جملہ کاغذات میں درج ہے
اشتہار نمبر 55
بعدالت جناب سینئر سول جج صاحب ایبٹ آباد مقدمہ عنوانی بنام عام لوگ دعویٰ استقرار حق و حکم امتناعی دائمی ہرگاہ کہ مقدمہ عنوانی بالا میں مدعا علیہ کی تعمیل بذریعہ اشتہار اخبار کی جانی مقصود ہے لہٰذا بذریعہ اشتہار ہذا آپ کو مطلع کیا جاتا ہے کہ آپ بتاریخ مقررہ اصالتاً یا وکالتاً عدالت ہذا میں حاضر ہو کر پیروی مقدمہ کریں بصورت دیگر کارروائی یکطرفہ عمل میں لائی جائے گی آج بتاریخ میرے دستخط اور مہر عدالت سے جاری ہوا ہے۔ منکہ مسمی ولد سکنہ تحصیل و ضلع ایبٹ آباد
اشتہار نمبر 56
بعدالت جناب سینئر سول جج صاحب ایبٹ آباد مقدمہ عنوانی بنام عام لوگ دعویٰ استقرار حق و حکم امتناعی دائمی ہرگاہ کہ مقدمہ عنوانی بالا میں مدعا علیہ کی تعمیل بذریعہ اشتہار اخبار کی جانی مقصود ہے لہٰذا بذریعہ اشتہار ہذا آپ کو مطلع کیا جاتا ہے کہ آپ بتاریخ مقررہ اصالتاً یا وکالتاً عدالت ہذا میں حاضر ہو کر پیروی مقدمہ کریں بصورت دیگر کارروائی یکطرفہ عمل میں لائی جائے گی آج بتاریخ میرے دستخط اور مہر عدالت سے جاری ہوا ہے۔ منکہ مسمی
اشتہار نمبر 57
بعدالت جناب سینئر سول جج صاحب ایبٹ آباد مقدمہ عنوانی بنام عام لوگ دعویٰ استقرار حق و حکم امتناعی دائمی ہرگاہ کہ مقدمہ عنوانی بالا میں مدعا علیہ کی تعمیل بذریعہ اشتہار اخبار کی جانی مقصود ہے لہٰذا بذریعہ اشتہار ہذا آپ کو مطلع کیا جاتا ہے کہ آپ بتاریخ مقررہ اصالتاً یا وکالتاً عدالت ہذا میں حاضر ہو کر پیروی مقدمہ کریں بصورت دیگر کارروائی یکطرفہ عمل میں لائی جائے گی آج بتاریخ میرے دستخط اور مہر عدالت سے جاری ہوا ہے۔ منکہ مسمی ولد سکنہ تحصیل و ضلع ایبٹ آباد کا رہائشی ہوں میرا نام درست ہے جملہ کاغذات میں درج ہے
اشتہار نمبر 58
بعدالت جناب سینئر سول جج صاحب ایبٹ آباد مقدمہ عنوانی بنام عام لوگ دعویٰ استقرار حق و حکم امتناعی دائمی ہرگاہ کہ مقدمہ عنوانی بالا میں مدعا علیہ کی تعمیل بذریعہ اشتہار اخبار کی جانی مقصود ہے لہٰذا بذریعہ اشتہار ہذا آپ کو مطلع کیا جاتا ہے کہ آپ بتاریخ مقررہ اصالتاً یا وکالتاً عدالت ہذا میں حاضر ہو کر پیروی مقدمہ کریں بصورت دیگر کارروائی یکطرفہ عمل میں لائی جائے گی آج بتاریخ میرے دستخط اور مہر عدالت سے جاری ہوا ہے۔ منکہ مسمی ولد سکنہ تحصیل و ضلع ایبٹ آباد کا رہائشی ہوں میرا نام درست ہے جملہ کاغذات میں درج ہے
اشتہار نمبر 59
بعدالت جناب سینئر سول جج صاحب ایبٹ آباد مقدمہ عنوانی بنام عام لوگ دعویٰ استقرار حق و حکم امتناعی دائمی ہرگاہ کہ مقدمہ عنوانی بالا میں مدعا علیہ کی تعمیل بذریعہ اشتہار اخبار کی جانی مقصود ہے لہٰذا بذریعہ اشتہار ہذا آپ کو مطلع کیا جاتا ہے کہ آپ بتاریخ مقررہ اصالتاً یا وکالتاً عدالت
اشتہار نمبر 60
بعدالت جناب سینئر سول جج صاحب ایبٹ آباد مقدمہ عنوانی بنام عام لوگ دعویٰ استقرار حق و حکم امتناعی دائمی ہرگاہ کہ مقدمہ عنوانی بالا میں مدعا علیہ کی تعمیل بذریعہ اشتہار اخبار کی جانی مقصود ہے لہٰذا بذریعہ اشتہار ہذا آپ کو مطلع کیا جاتا ہے کہ آپ بتاریخ مقررہ اصالتاً یا وکالتاً عدالت
اشتہار نمبر 61
بعدالت جناب سینئر سول جج صاحب ایبٹ آباد مقدمہ عنوانی بنام عام لوگ دعویٰ استقرار حق و حکم امتناعی دائمی ہرگاہ کہ مقدمہ عنوانی بالا میں مدعا علیہ کی تعمیل بذریعہ اشتہار اخبار کی جانی مقصود ہے لہٰذا بذریعہ اشتہار ہذا آپ کو مطلع کیا جاتا ہے کہ آپ بتاریخ مقررہ اصالتاً یا وکالتاً عدالت ہذا میں حاضر ہو کر پیروی مقدمہ
اشتہار نمبر 62
بعدالت جناب سینئر سول جج صاحب ایبٹ آباد مقدمہ عنوانی بنام عام لوگ دعویٰ استقرار حق و حکم امتناعی دائمی ہرگاہ کہ مقدمہ عنوانی بالا میں مدعا علیہ کی تعمیل بذریعہ اشتہار اخبار کی جانی مقصود ہے لہٰذا بذریعہ اشتہار ہذا آپ کو مطلع کیا جاتا ہے کہ آپ بتاریخ مقررہ اصالتاً یا وکالتاً عدالت ہذا میں حاضر ہو کر پیروی مقدمہ
اشتہار نمبر 63
بعدالت جناب سینئر سول جج صاحب ایبٹ آباد مقدمہ عنوانی بنام عام لوگ دعویٰ استقرار حق و حکم امتناعی دائمی ہرگاہ کہ مقدمہ عنوانی بالا میں مدعا علیہ کی تعمیل بذریعہ اشتہار اخبار کی جانی مقصود ہے لہٰذا بذریعہ اشتہار ہذا آپ کو مطلع کیا جاتا ہے کہ آپ بتاریخ مقررہ اصالتاً یا وکالتاً عدالت ہذا میں حاضر ہو کر پیروی مقدمہ کریں بصورت دیگر کارروائی یکطرفہ عمل میں لائی جائے گی آج
اشتہار نمبر 64
بعدالت جناب سینئر سول جج صاحب ایبٹ آباد مقدمہ عنوانی بنام عام لوگ دعویٰ استقرار حق و حکم امتناعی دائمی ہرگاہ کہ مقدمہ عنوانی بالا میں مدعا علیہ کی تعمیل بذریعہ اشتہار اخبار کی جانی مقصود ہے لہٰذا بذریعہ اشتہار ہذا آپ کو مطلع کیا جاتا ہے کہ آپ بتاریخ مقررہ اصالتاً یا وکالتاً عدالت ہذا میں حاضر ہو کر پیروی مقدمہ کریں بصورت دیگر کارروائی یکطرفہ عمل میں لائی جائے گی آج
اطلاع عام
بعدالت جناب سینئر سول جج صاحب ایبٹ آباد مقدمہ عنوانی بنام عام لوگ دعویٰ استقرار حق و حکم امتناعی دائمی ہرگاہ کہ مقدمہ عنوانی بالا میں مدعا علیہ کی تعمیل بذریعہ اشتہار اخبار کی جانی مقصود ہے لہٰذا بذریعہ اشتہار ہذا آپ کو مطلع کیا جاتا ہے کہ آپ بتاریخ مقررہ اصالتاً یا وکالتاً عدالت ہذا میں حاضر ہو کر پیروی مقدمہ کریں بصورت دیگر
تلاش گمشدہ
بعدالت جناب سینئر سول جج صاحب ایبٹ آباد مقدمہ عنوانی بنام عام لوگ دعویٰ استقرار حق و حکم امتناعی دائمی ہرگاہ کہ مقدمہ عنوانی بالا میں مدعا علیہ کی تعمیل بذریعہ اشتہار اخبار کی جانی مقصود ہے لہٰذا بذریعہ اشتہار ہذا آپ کو مطلع کیا جاتا ہے کہ آپ بتاریخ مقررہ اصالتاً یا
RX100070
بعدالت جناب سینئر سول جج صاحب ایبٹ آباد مقدمہ عنوانی بنام عام لوگ دعویٰ استقرار حق و
اطلاع عام
بعدالت جناب سینئر سول جج صاحب ایبٹ آباد مقدمہ عنوانی بنام عام لوگ دعویٰ استقرار حق و حکم امتناعی دائمی ہرگاہ کہ مقدمہ عنوانی بالا میں مدعا علیہ کی تعمیل بذریعہ اشتہار اخبار کی جانی مقصود ہے لہٰذا بذریعہ
تلاش گمشدہ
بعدالت جناب سینئر سول جج صاحب ایبٹ آباد مقدمہ عنوانی بنام عام لوگ دعویٰ استقرار حق و حکم امتناعی دائمی ہرگاہ کہ مقدمہ عنوانی بالا میں مدعا علیہ کی تعمیل بذریعہ اشتہار اخبار کی جانی مقصود ہے لہٰذا بذریعہ اشتہار ہذا آپ کو مطلع کیا جاتا
AM5202123,M5202125
بعدالت جناب سینئر سول جج صاحب ایبٹ آباد مقدمہ عنوانی بنام عام لوگ دعویٰ استقرار حق و
اطلاع عام
بعدالت جناب سینئر سول جج صاحب ایبٹ آباد مقدمہ عنوانی بنام عام لوگ دعویٰ استقرار حق و حکم امتناعی دائمی ہرگاہ کہ مقدمہ عنوانی بالا میں مدعا علیہ کی تعمیل بذریعہ اشتہار اخبار کی جانی مقصود ہے لہٰذا بذریعہ اشتہار ہذا آپ کو مطلع کیا جاتا ہے کہ آپ بتاریخ مقررہ اصالتاً یا
اطلاع عام
بعدالت جناب سینئر سول جج صاحب ایبٹ آباد مقدمہ عنوانی بنام عام لوگ دعویٰ استقرار حق و حکم امتناعی دائمی ہرگاہ کہ مقدمہ عنوانی بالا میں مدعا علیہ کی تعمیل بذریعہ اشتہار اخبار کی جانی مقصود ہے لہٰذا بذریعہ
P/O
بعدالت جناب سینئر سول جج صاحب ایبٹ آباد مقدمہ عنوانی بنام عام لوگ دعویٰ استقرار حق و
اطلاع عام
بعدالت جناب سینئر سول جج صاحب ایبٹ آباد مقدمہ عنوانی بنام عام لوگ دعویٰ استقرار حق و حکم امتناعی دائمی ہرگاہ کہ مقدمہ عنوانی بالا میں مدعا علیہ کی تعمیل بذریعہ اشتہار اخبار کی
اطلاع عام
بعدالت جناب سینئر سول جج صاحب ایبٹ آباد مقدمہ عنوانی بنام عام لوگ دعویٰ استقرار حق و حکم امتناعی دائمی ہرگاہ کہ مقدمہ عنوانی بالا میں مدعا علیہ کی تعمیل بذریعہ اشتہار اخبار کی جانی مقصود ہے لہٰذا بذریعہ
اشتہار نمبر 65
بعدالت جناب سینئر سول جج صاحب ایبٹ آباد مقدمہ عنوانی بنام عام لوگ دعویٰ استقرار حق و حکم امتناعی دائمی ہرگاہ کہ مقدمہ عنوانی بالا میں مدعا علیہ کی تعمیل بذریعہ اشتہار اخبار کی جانی مقصود ہے لہٰذا بذریعہ اشتہار ہذا آپ کو مطلع کیا جاتا ہے کہ آپ بتاریخ مقررہ اصالتاً یا وکالتاً عدالت ہذا میں حاضر ہو کر پیروی مقدمہ کریں بصورت دیگر کارروائی یکطرفہ عمل میں لائی جائے گی آج بتاریخ میرے دستخط اور مہر عدالت سے جاری ہوا ہے۔ منکہ مسمی ولد سکنہ تحصیل و ضلع ایبٹ آباد کا رہائشی ہوں میرا
اشتہار نمبر 66
بعدالت جناب سینئر سول جج صاحب ایبٹ آباد مقدمہ عنوانی بنام عام لوگ دعویٰ استقرار حق و حکم امتناعی دائمی ہرگاہ کہ مقدمہ عنوانی بالا میں مدعا علیہ کی تعمیل بذریعہ اشتہار اخبار کی جانی مقصود ہے لہٰذا بذریعہ اشتہار ہذا آپ کو مطلع کیا جاتا ہے کہ آپ بتاریخ مقررہ اصالتاً یا وکالتاً عدالت ہذا میں حاضر ہو کر پیروی مقدمہ کریں بصورت دیگر کارروائی یکطرفہ عمل میں لائی جائے گی آج بتاریخ میرے دستخط اور مہر عدالت سے جاری ہوا ہے۔ منکہ مسمی ولد سکنہ تحصیل و ضلع ایبٹ آباد کا رہائشی ہوں میرا
اشتہار نمبر 67
بعدالت جناب سینئر سول جج صاحب ایبٹ آباد مقدمہ عنوانی بنام عام لوگ دعویٰ استقرار حق و حکم امتناعی دائمی ہرگاہ کہ مقدمہ عنوانی بالا میں مدعا علیہ کی تعمیل بذریعہ اشتہار اخبار کی جانی مقصود ہے لہٰذا بذریعہ اشتہار ہذا آپ کو مطلع کیا جاتا ہے کہ آپ بتاریخ مقررہ اصالتاً یا وکالتاً عدالت ہذا میں حاضر ہو کر پیروی مقدمہ کریں بصورت دیگر کارروائی یکطرفہ عمل میں لائی جائے گی آج بتاریخ میرے دستخط اور مہر عدالت سے جاری ہوا ہے۔ منکہ مسمی ولد سکنہ تحصیل و ضلع ایبٹ آباد کا رہائشی ہوں میرا
اشتہار نمبر 68
بعدالت جناب سینئر سول جج صاحب ایبٹ آباد مقدمہ عنوانی بنام عام لوگ دعویٰ استقرار حق و حکم امتناعی دائمی ہرگاہ کہ مقدمہ عنوانی بالا میں مدعا علیہ کی تعمیل بذریعہ اشتہار اخبار کی جانی مقصود ہے لہٰذا بذریعہ اشتہار ہذا آپ کو مطلع کیا جاتا ہے کہ آپ بتاریخ مقررہ اصالتاً یا وکالتاً عدالت ہذا میں حاضر ہو کر پیروی مقدمہ کریں بصورت دیگر
